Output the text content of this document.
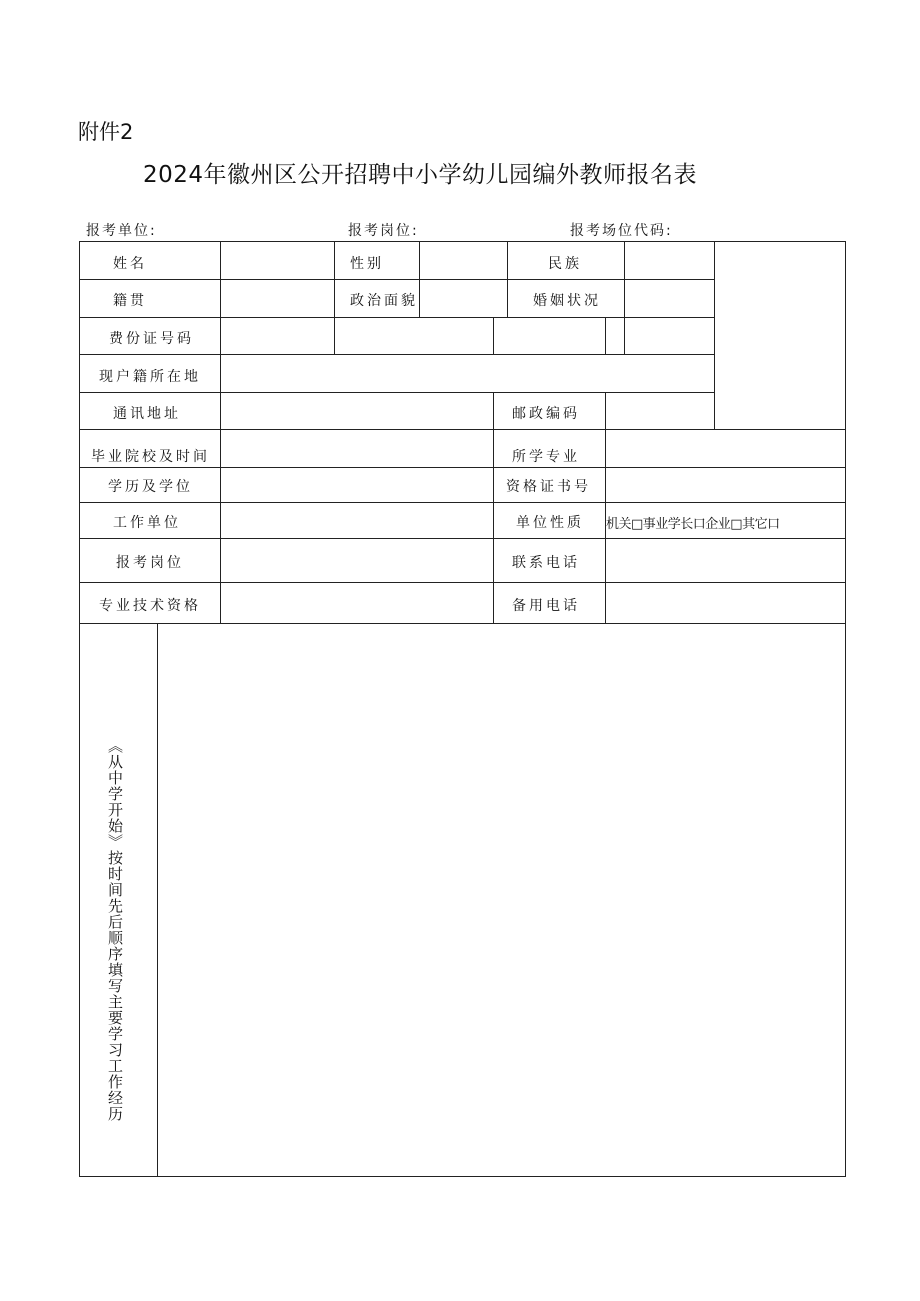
附件2
2024年徽州区公开招聘中小学幼儿园编外教师报名表
报考单位:	报考岗位:	报考场位代码:
姓名	性别	民族
籍贯	政治面貌	婚姻状况
费份证号码
现户籍所在地
通讯地址	邮政编码
毕业院校及时间	所学专业
学历及学位	资格证书号
工作单位	单位性质 机关□事业学长口企业□其它口
报考岗位	联系电话
专业技术资格	备用电话
《从中学开始》按时间先后顺序填写主要学习工作经历
